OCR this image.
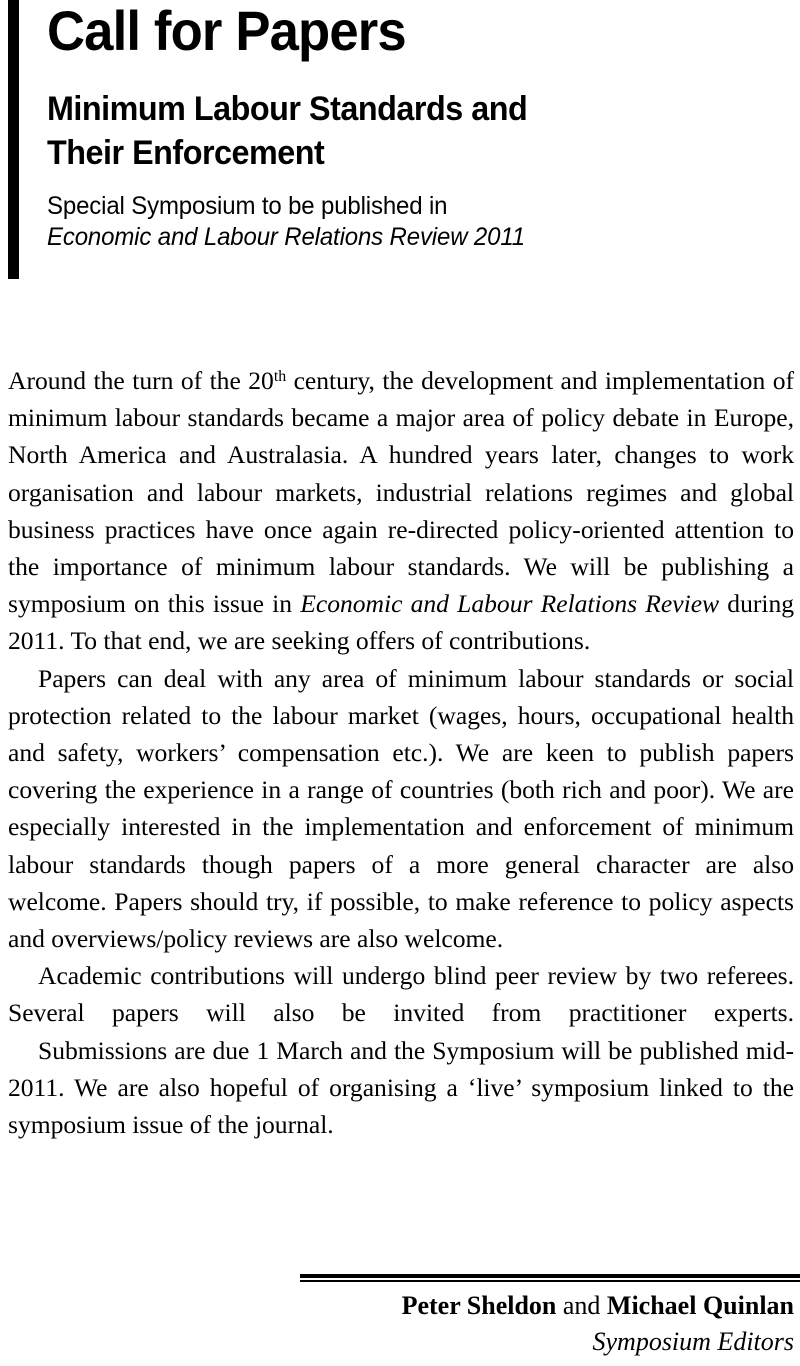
Call for Papers
Minimum Labour Standards and
Their Enforcement

Special Symposium to be published in
Economic and Labour Relations Review 2011

Around the turn of the 20th century, the development and implementation of minimum labour standards became a major area of policy debate in Europe, North America and Australasia. A hundred years later, changes to work organisation and labour markets, industrial relations regimes and global business practices have once again re-directed policy-oriented attention to the importance of minimum labour standards. We will be publishing a symposium on this issue in Economic and Labour Relations Review during 2011. To that end, we are seeking offers of contributions.

Papers can deal with any area of minimum labour standards or social protection related to the labour market (wages, hours, occupational health and safety, workers’ compensation etc.). We are keen to publish papers covering the experience in a range of countries (both rich and poor). We are especially interested in the implementation and enforcement of minimum labour standards though papers of a more general character are also welcome. Papers should try, if possible, to make reference to policy aspects and overviews/policy reviews are also welcome.

Academic contributions will undergo blind peer review by two referees. Several papers will also be invited from practitioner experts.

Submissions are due 1 March and the Symposium will be published mid-2011. We are also hopeful of organising a ‘live’ symposium linked to the symposium issue of the journal.

Peter Sheldon and Michael Quinlan
Symposium Editors
